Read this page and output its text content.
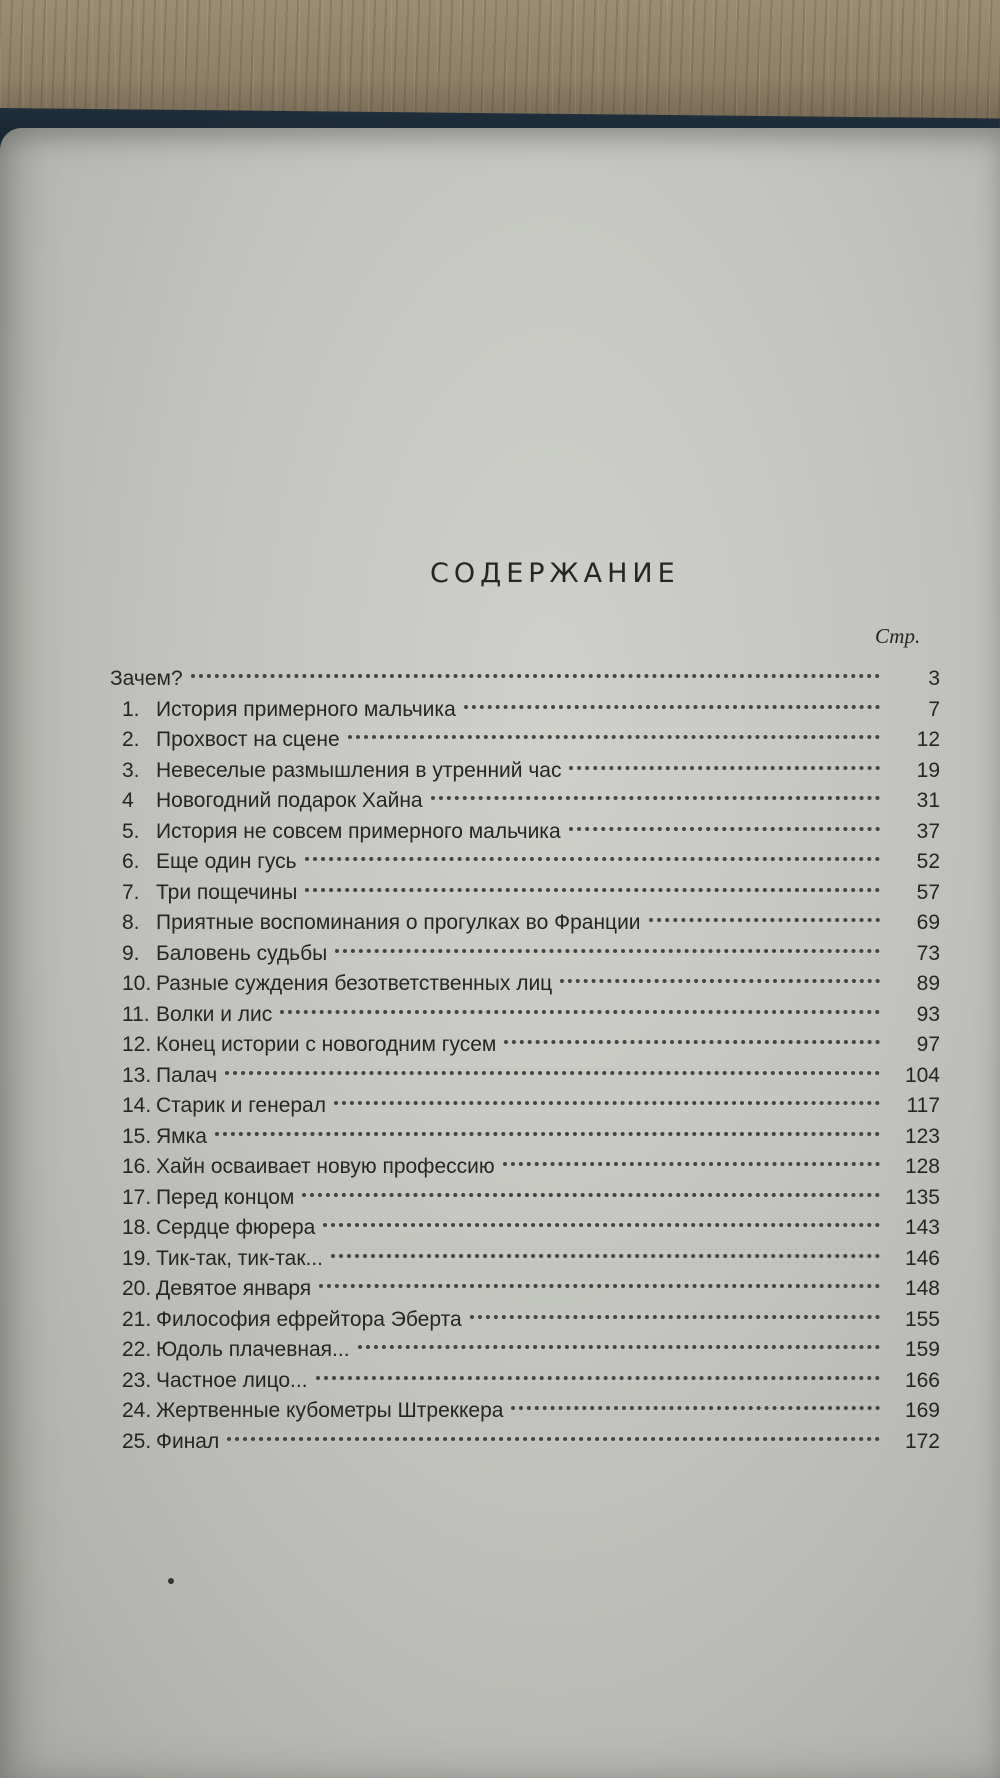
СОДЕРЖАНИЕ
Стр.
Зачем?	3
1. История примерного мальчика	7
2. Прохвост на сцене	12
3. Невеселые размышления в утренний час	19
4	Новогодний подарок Хайна	31
5. История не совсем примерного мальчика	37
6. Еще один гусь	52
7. Три пощечины	57
8. Приятные воспоминания о прогулках во Франции	69
9. Баловень судьбы	73
10. Разные суждения безответственных лиц	89
11. Волки и лис	93
12. Конец истории с новогодним гусем	97
13. Палач	104
14. Старик и генерал	117
15. Ямка	123
16. Хайн осваивает новую профессию	128
17. Перед концом	135
18. Сердце фюрера	143
19. Тик-так, тик-так...	146
20. Девятое января	148
21. Философия ефрейтора Эберта	155
22. Юдоль плачевная...	159
23. Частное лицо...	166
24. Жертвенные кубометры Штреккера	169
25. Финал	172
